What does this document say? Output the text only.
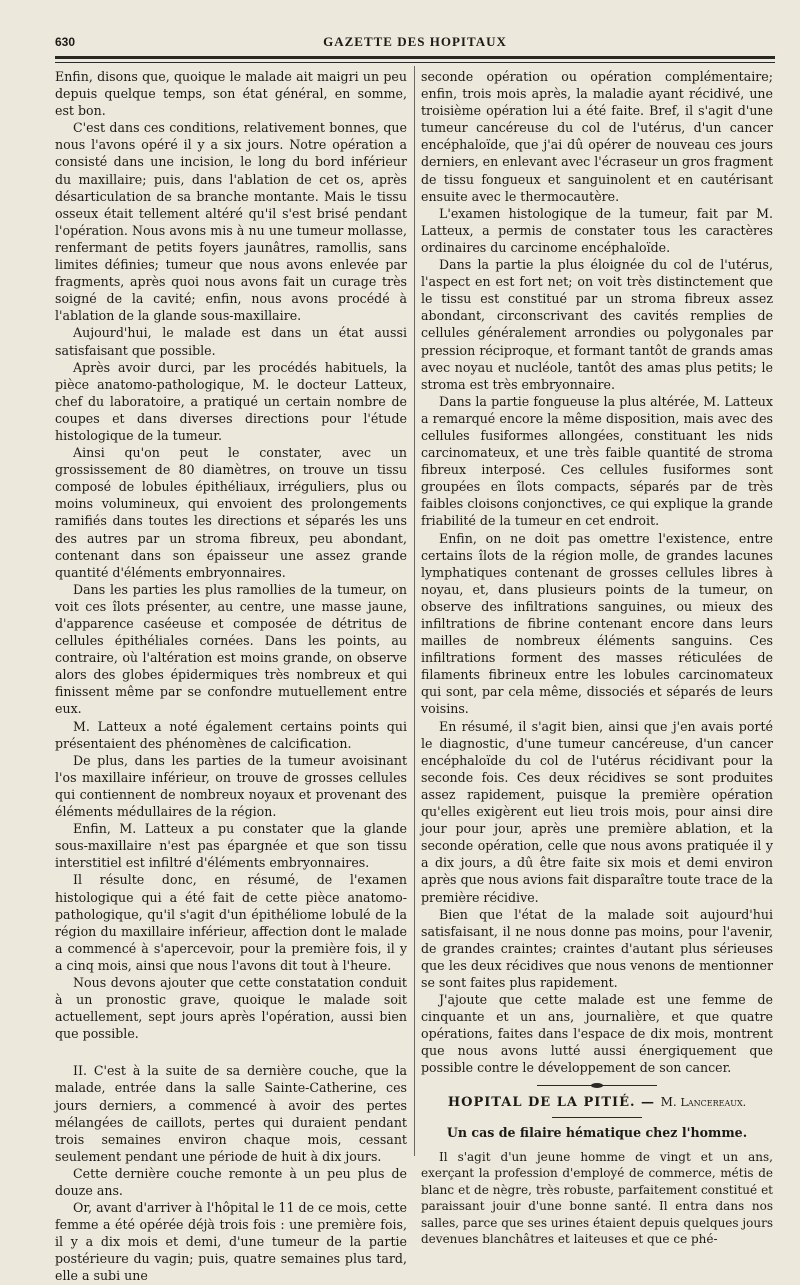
630	GAZETTE DES HOPITAUX

Enfin, disons que, quoique le malade ait maigri un peu depuis quelque temps, son état général, en somme, est bon.

C'est dans ces conditions, relativement bonnes, que nous l'avons opéré il y a six jours. Notre opération a consisté dans une incision, le long du bord inférieur du maxillaire; puis, dans l'ablation de cet os, après désarticulation de sa branche montante. Mais le tissu osseux était tellement altéré qu'il s'est brisé pendant l'opération. Nous avons mis à nu une tumeur mollasse, renfermant de petits foyers jaunâtres, ramollis, sans limites définies; tumeur que nous avons enlevée par fragments, après quoi nous avons fait un curage très soigné de la cavité; enfin, nous avons procédé à l'ablation de la glande sous-maxillaire.

Aujourd'hui, le malade est dans un état aussi satisfaisant que possible.

Après avoir durci, par les procédés habituels, la pièce anatomo-pathologique, M. le docteur Latteux, chef du laboratoire, a pratiqué un certain nombre de coupes et dans diverses directions pour l'étude histologique de la tumeur.

Ainsi qu'on peut le constater, avec un grossissement de 80 diamètres, on trouve un tissu composé de lobules épithéliaux, irréguliers, plus ou moins volumineux, qui envoient des prolongements ramifiés dans toutes les directions et séparés les uns des autres par un stroma fibreux, peu abondant, contenant dans son épaisseur une assez grande quantité d'éléments embryonnaires.

Dans les parties les plus ramollies de la tumeur, on voit ces îlots présenter, au centre, une masse jaune, d'apparence caséeuse et composée de détritus de cellules épithéliales cornées. Dans les points, au contraire, où l'altération est moins grande, on observe alors des globes épidermiques très nombreux et qui finissent même par se confondre mutuellement entre eux.

M. Latteux a noté également certains points qui présentaient des phénomènes de calcification.

De plus, dans les parties de la tumeur avoisinant l'os maxillaire inférieur, on trouve de grosses cellules qui contiennent de nombreux noyaux et provenant des éléments médullaires de la région.

Enfin, M. Latteux a pu constater que la glande sous-maxillaire n'est pas épargnée et que son tissu interstitiel est infiltré d'éléments embryonnaires.

Il résulte donc, en résumé, de l'examen histologique qui a été fait de cette pièce anatomo-pathologique, qu'il s'agit d'un épithéliome lobulé de la région du maxillaire inférieur, affection dont le malade a commencé à s'apercevoir, pour la première fois, il y a cinq mois, ainsi que nous l'avons dit tout à l'heure.

Nous devons ajouter que cette constatation conduit à un pronostic grave, quoique le malade soit actuellement, sept jours après l'opération, aussi bien que possible.

II. C'est à la suite de sa dernière couche, que la malade, entrée dans la salle Sainte-Catherine, ces jours derniers, a commencé à avoir des pertes mélangées de caillots, pertes qui duraient pendant trois semaines environ chaque mois, cessant seulement pendant une période de huit à dix jours.

Cette dernière couche remonte à un peu plus de douze ans.

Or, avant d'arriver à l'hôpital le 11 de ce mois, cette femme a été opérée déjà trois fois : une première fois, il y a dix mois et demi, d'une tumeur de la partie postérieure du vagin; puis, quatre semaines plus tard, elle a subi une

seconde opération ou opération complémentaire; enfin, trois mois après, la maladie ayant récidivé, une troisième opération lui a été faite. Bref, il s'agit d'une tumeur cancéreuse du col de l'utérus, d'un cancer encéphaloïde, que j'ai dû opérer de nouveau ces jours derniers, en enlevant avec l'écraseur un gros fragment de tissu fongueux et sanguinolent et en cautérisant ensuite avec le thermocautère.

L'examen histologique de la tumeur, fait par M. Latteux, a permis de constater tous les caractères ordinaires du carcinome encéphaloïde.

Dans la partie la plus éloignée du col de l'utérus, l'aspect en est fort net; on voit très distinctement que le tissu est constitué par un stroma fibreux assez abondant, circonscrivant des cavités remplies de cellules généralement arrondies ou polygonales par pression réciproque, et formant tantôt de grands amas avec noyau et nucléole, tantôt des amas plus petits; le stroma est très embryonnaire.

Dans la partie fongueuse la plus altérée, M. Latteux a remarqué encore la même disposition, mais avec des cellules fusiformes allongées, constituant les nids carcinomateux, et une très faible quantité de stroma fibreux interposé. Ces cellules fusiformes sont groupées en îlots compacts, séparés par de très faibles cloisons conjonctives, ce qui explique la grande friabilité de la tumeur en cet endroit.

Enfin, on ne doit pas omettre l'existence, entre certains îlots de la région molle, de grandes lacunes lymphatiques contenant de grosses cellules libres à noyau, et, dans plusieurs points de la tumeur, on observe des infiltrations sanguines, ou mieux des infiltrations de fibrine contenant encore dans leurs mailles de nombreux éléments sanguins. Ces infiltrations forment des masses réticulées de filaments fibrineux entre les lobules carcinomateux qui sont, par cela même, dissociés et séparés de leurs voisins.

En résumé, il s'agit bien, ainsi que j'en avais porté le diagnostic, d'une tumeur cancéreuse, d'un cancer encéphaloïde du col de l'utérus récidivant pour la seconde fois. Ces deux récidives se sont produites assez rapidement, puisque la première opération qu'elles exigèrent eut lieu trois mois, pour ainsi dire jour pour jour, après une première ablation, et la seconde opération, celle que nous avons pratiquée il y a dix jours, a dû être faite six mois et demi environ après que nous avions fait disparaître toute trace de la première récidive.

Bien que l'état de la malade soit aujourd'hui satisfaisant, il ne nous donne pas moins, pour l'avenir, de grandes craintes; craintes d'autant plus sérieuses que les deux récidives que nous venons de mentionner se sont faites plus rapidement.

J'ajoute que cette malade est une femme de cinquante et un ans, journalière, et que quatre opérations, faites dans l'espace de dix mois, montrent que nous avons lutté aussi énergiquement que possible contre le développement de son cancer.

HOPITAL DE LA PITIÉ. — M. Lancereaux.
Un cas de filaire hématique chez l'homme.

Il s'agit d'un jeune homme de vingt et un ans, exerçant la profession d'employé de commerce, métis de blanc et de nègre, très robuste, parfaitement constitué et paraissant jouir d'une bonne santé. Il entra dans nos salles, parce que ses urines étaient depuis quelques jours devenues blanchâtres et laiteuses et que ce phé-
